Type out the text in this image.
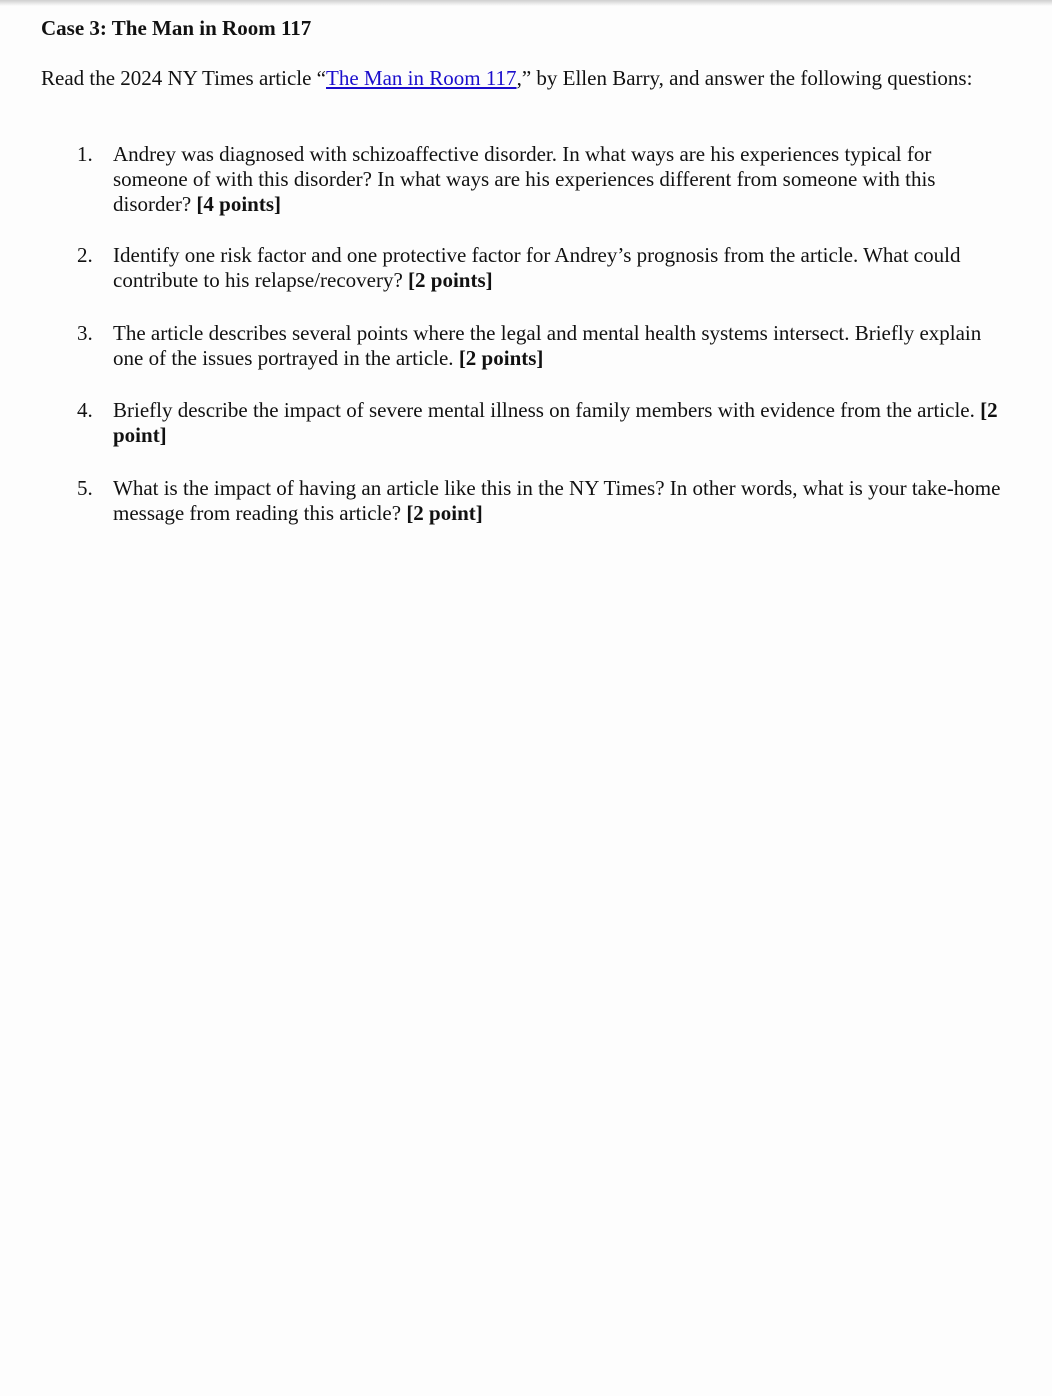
Case 3: The Man in Room 117
Read the 2024 NY Times article “The Man in Room 117,” by Ellen Barry, and answer the following questions:
1. Andrey was diagnosed with schizoaffective disorder. In what ways are his experiences typical for someone of with this disorder? In what ways are his experiences different from someone with this disorder? [4 points]
2. Identify one risk factor and one protective factor for Andrey’s prognosis from the article. What could contribute to his relapse/recovery? [2 points]
3. The article describes several points where the legal and mental health systems intersect. Briefly explain one of the issues portrayed in the article. [2 points]
4. Briefly describe the impact of severe mental illness on family members with evidence from the article. [2 point]
5. What is the impact of having an article like this in the NY Times? In other words, what is your take-home message from reading this article? [2 point]
